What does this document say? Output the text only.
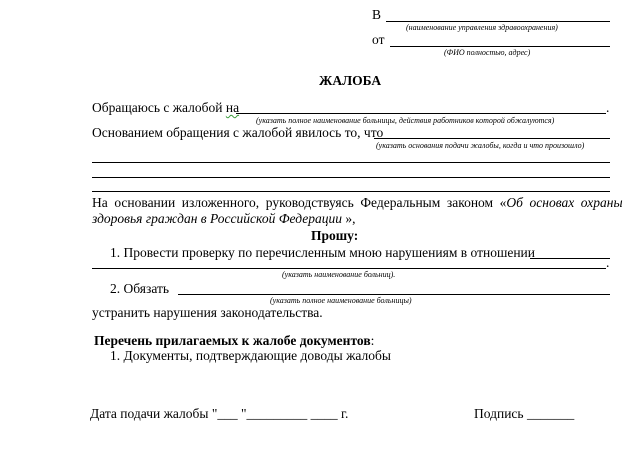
В
(наименование управления здравоохранения)
от
(ФИО полностью, адрес)
ЖАЛОБА
Обращаюсь с жалобой на	.
(указать полное наименование больницы, действия работников которой обжалуются)
Основанием обращения с жалобой явилось то, что
(указать основания подачи жалобы, когда и что произошло)
На основании изложенного, руководствуясь Федеральным законом «Об основах охраны
здоровья граждан в Российской Федерации »,
Прошу:
1. Провести проверку по перечисленным мною нарушениям в отношении
.
(указать наименование больниц).
2. Обязать
(указать полное наименование больницы)
устранить нарушения законодательства.
Перечень прилагаемых к жалобе документов:
1. Документы, подтверждающие доводы жалобы
Дата подачи жалобы "___ "_________ ____ г.	Подпись _______
